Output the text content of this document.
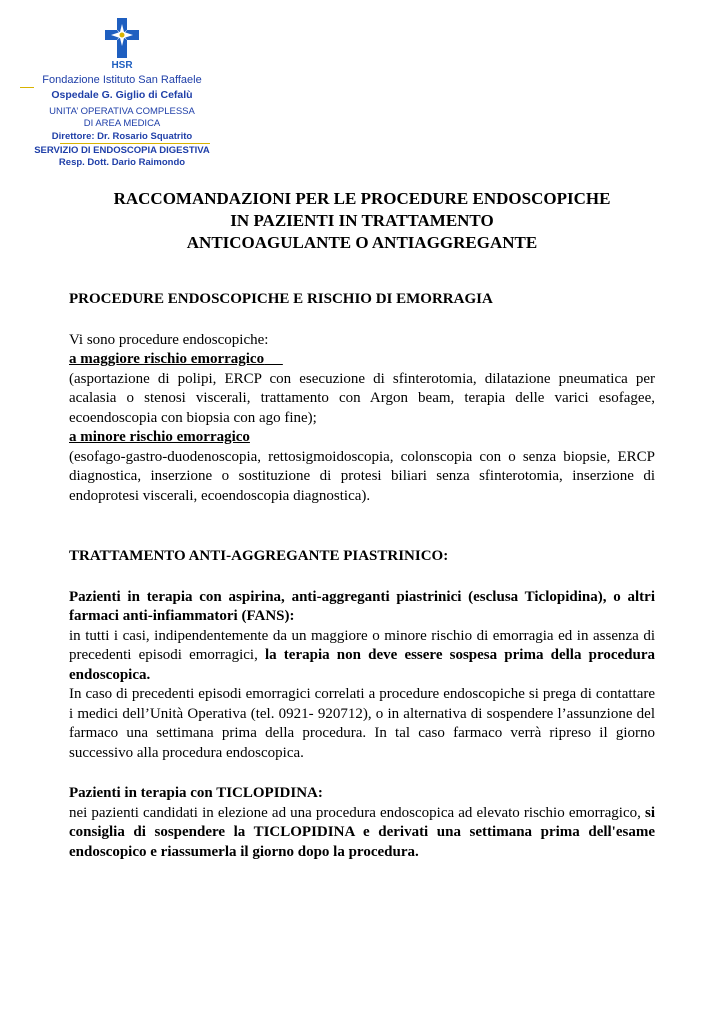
HSR
Fondazione Istituto San Raffaele
Ospedale G. Giglio di Cefalù
UNITA’ OPERATIVA COMPLESSA
DI AREA MEDICA
Direttore: Dr. Rosario Squatrito
SERVIZIO DI ENDOSCOPIA DIGESTIVA
Resp. Dott. Dario Raimondo
RACCOMANDAZIONI PER LE PROCEDURE ENDOSCOPICHE
IN PAZIENTI IN TRATTAMENTO
ANTICOAGULANTE O ANTIAGGREGANTE

PROCEDURE ENDOSCOPICHE E RISCHIO DI EMORRAGIA

Vi sono procedure endoscopiche:

a maggiore rischio emorragico

(asportazione di polipi, ERCP con esecuzione di sfinterotomia, dilatazione pneumatica per acalasia o stenosi viscerali, trattamento con Argon beam, terapia delle varici esofagee, ecoendoscopia con biopsia con ago fine);

a minore rischio emorragico

(esofago-gastro-duodenoscopia, rettosigmoidoscopia, colonscopia con o senza biopsie, ERCP diagnostica, inserzione o sostituzione di protesi biliari senza sfinterotomia, inserzione di endoprotesi viscerali, ecoendoscopia diagnostica).

TRATTAMENTO ANTI-AGGREGANTE PIASTRINICO:

Pazienti in terapia con aspirina, anti-aggreganti piastrinici (esclusa Ticlopidina), o altri farmaci anti-infiammatori (FANS):

in tutti i casi, indipendentemente da un maggiore o minore rischio di emorragia ed in assenza di precedenti episodi emorragici, la terapia non deve essere sospesa prima della procedura endoscopica.

In caso di precedenti episodi emorragici correlati a procedure endoscopiche si prega di contattare i medici dell’Unità Operativa (tel. 0921- 920712), o in alternativa di sospendere l’assunzione del farmaco una settimana prima della procedura. In tal caso farmaco verrà ripreso il giorno successivo alla procedura endoscopica.

Pazienti in terapia con TICLOPIDINA:

nei pazienti candidati in elezione ad una procedura endoscopica ad elevato rischio emorragico, si consiglia di sospendere la TICLOPIDINA e derivati una settimana prima dell'esame endoscopico e riassumerla il giorno dopo la procedura.
